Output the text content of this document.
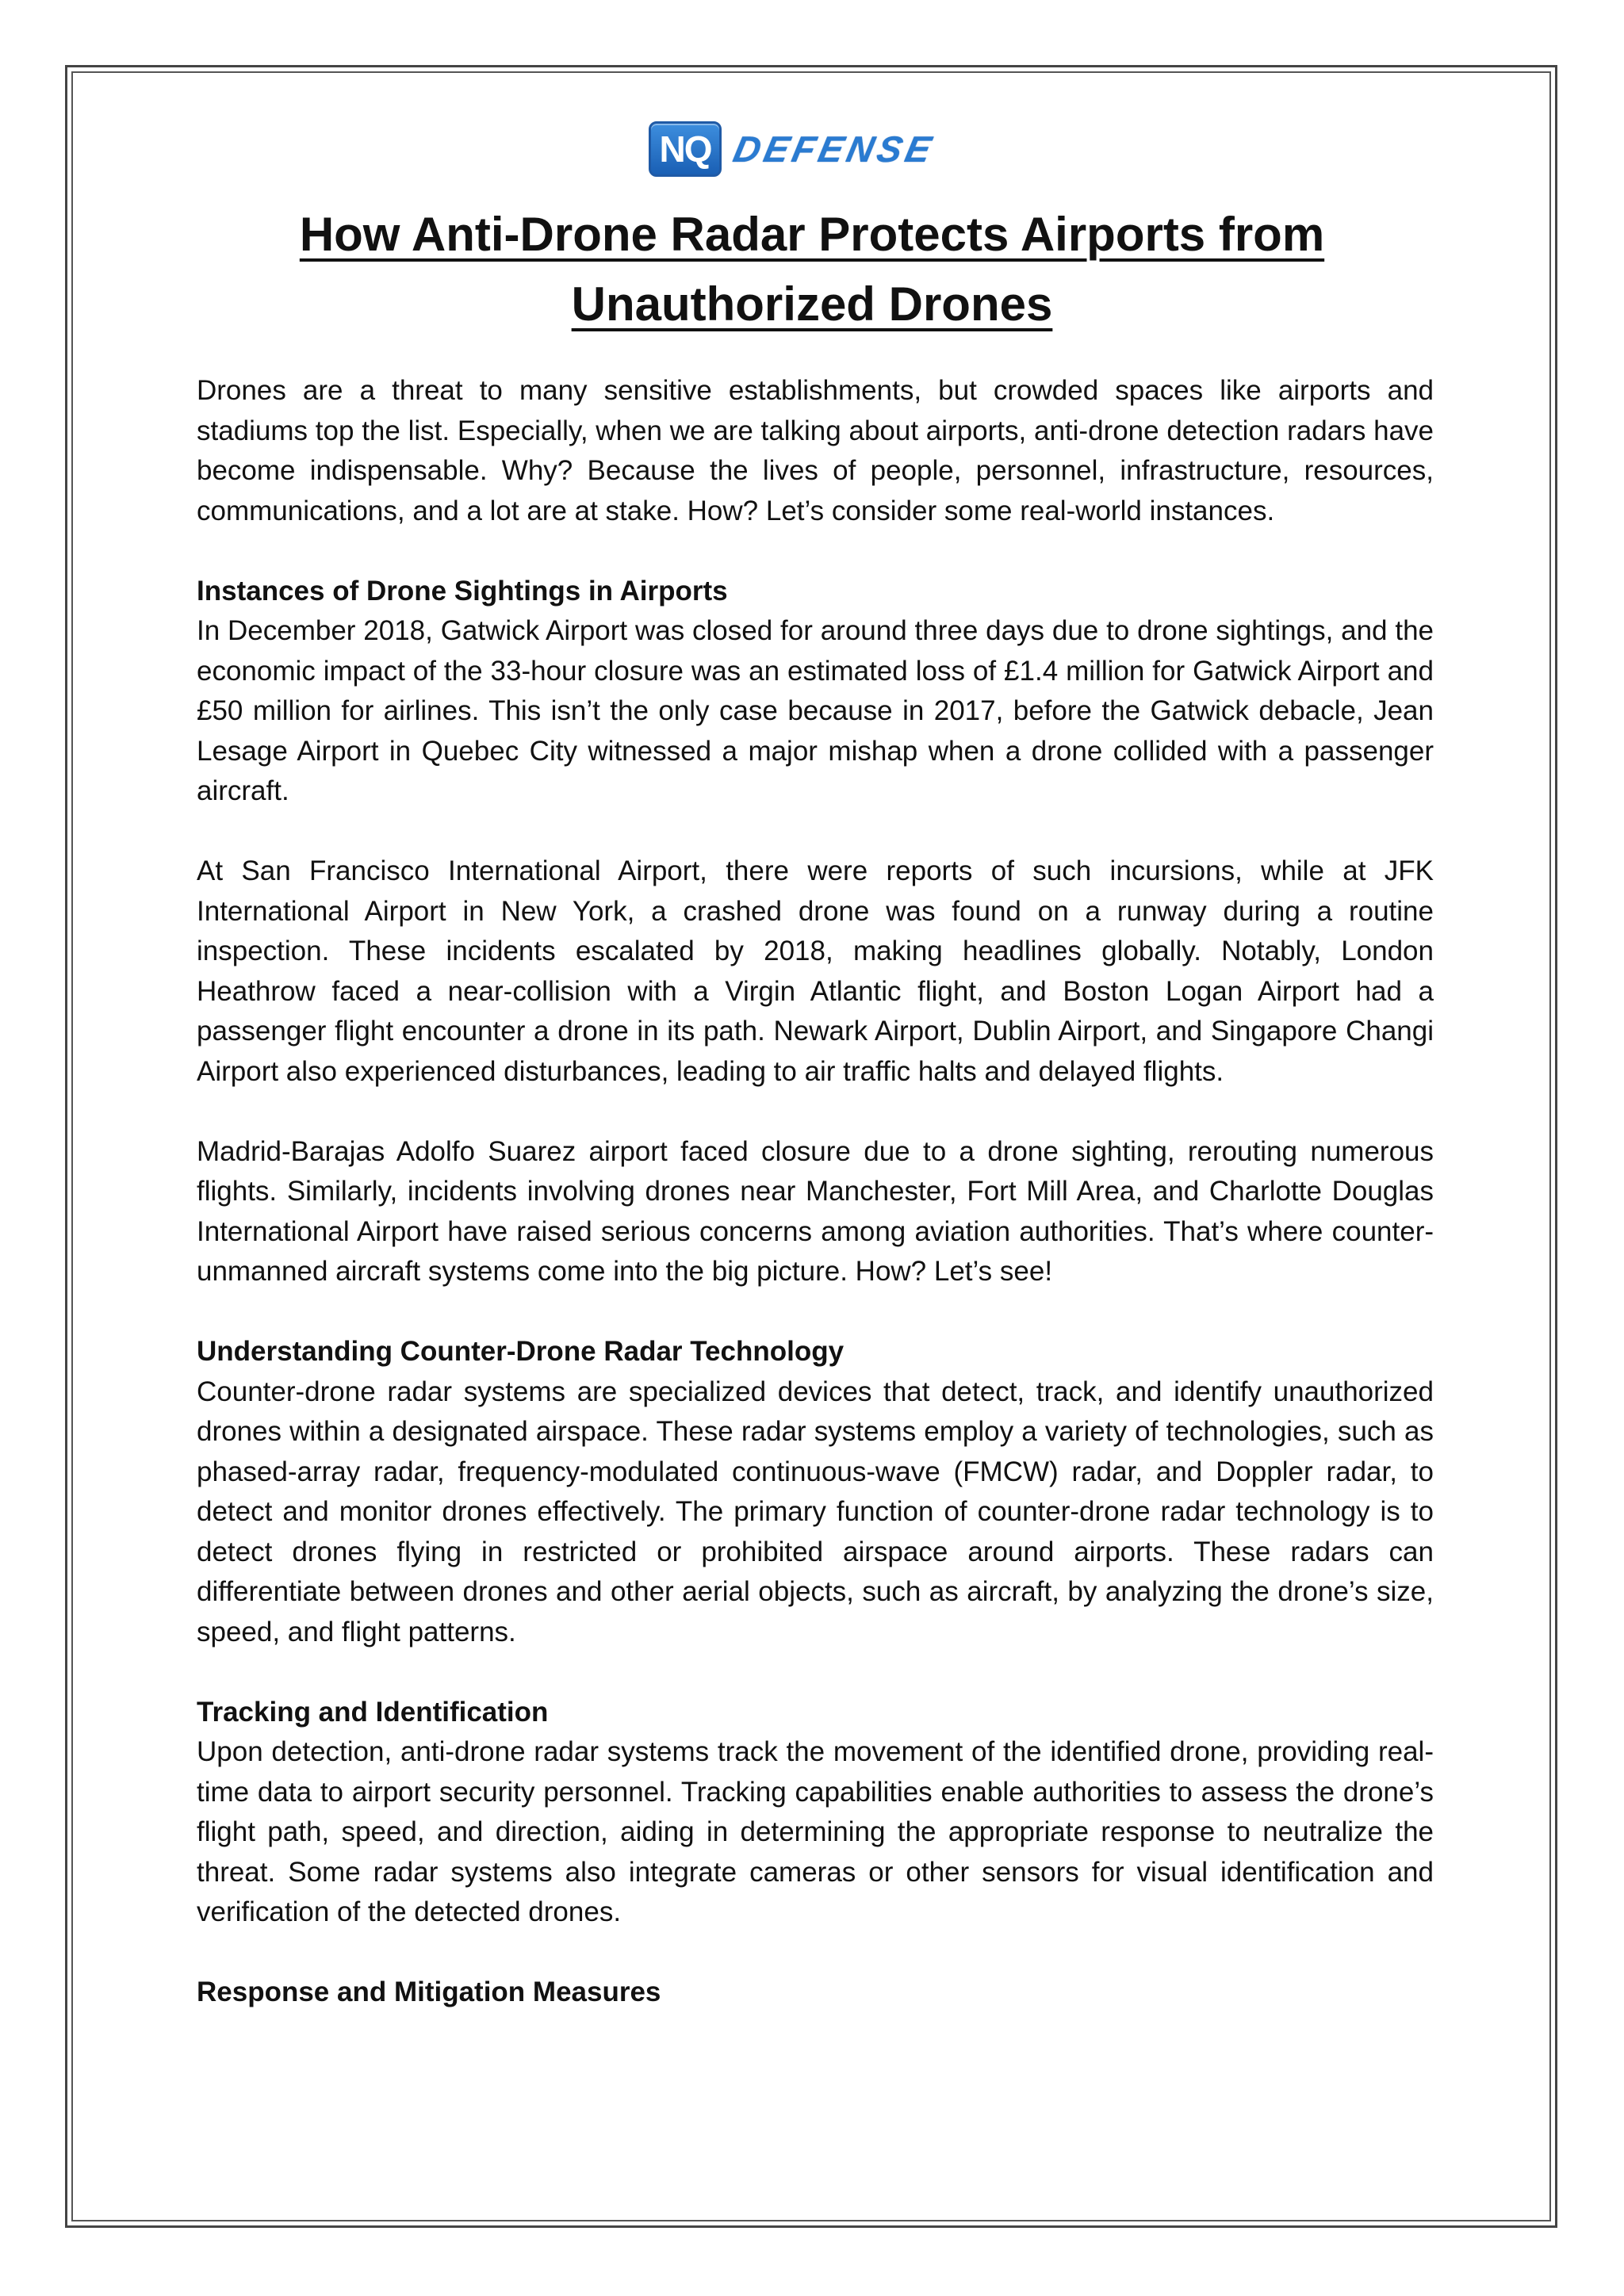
NQ DEFENSE
How Anti-Drone Radar Protects Airports from
Unauthorized Drones

Drones are a threat to many sensitive establishments, but crowded spaces like airports and stadiums top the list. Especially, when we are talking about airports, anti-drone detection radars have become indispensable. Why? Because the lives of people, personnel, infrastructure, resources, communications, and a lot are at stake. How? Let’s consider some real-world instances.

Instances of Drone Sightings in Airports

In December 2018, Gatwick Airport was closed for around three days due to drone sightings, and the economic impact of the 33-hour closure was an estimated loss of £1.4 million for Gatwick Airport and £50 million for airlines. This isn’t the only case because in 2017, before the Gatwick debacle, Jean Lesage Airport in Quebec City witnessed a major mishap when a drone collided with a passenger aircraft.

At San Francisco International Airport, there were reports of such incursions, while at JFK International Airport in New York, a crashed drone was found on a runway during a routine inspection. These incidents escalated by 2018, making headlines globally. Notably, London Heathrow faced a near-collision with a Virgin Atlantic flight, and Boston Logan Airport had a passenger flight encounter a drone in its path. Newark Airport, Dublin Airport, and Singapore Changi Airport also experienced disturbances, leading to air traffic halts and delayed flights.

Madrid-Barajas Adolfo Suarez airport faced closure due to a drone sighting, rerouting numerous flights. Similarly, incidents involving drones near Manchester, Fort Mill Area, and Charlotte Douglas International Airport have raised serious concerns among aviation authorities. That’s where counter-unmanned aircraft systems come into the big picture. How? Let’s see!

Understanding Counter-Drone Radar Technology

Counter-drone radar systems are specialized devices that detect, track, and identify unauthorized drones within a designated airspace. These radar systems employ a variety of technologies, such as phased-array radar, frequency-modulated continuous-wave (FMCW) radar, and Doppler radar, to detect and monitor drones effectively. The primary function of counter-drone radar technology is to detect drones flying in restricted or prohibited airspace around airports. These radars can differentiate between drones and other aerial objects, such as aircraft, by analyzing the drone’s size, speed, and flight patterns.

Tracking and Identification

Upon detection, anti-drone radar systems track the movement of the identified drone, providing real-time data to airport security personnel. Tracking capabilities enable authorities to assess the drone’s flight path, speed, and direction, aiding in determining the appropriate response to neutralize the threat. Some radar systems also integrate cameras or other sensors for visual identification and verification of the detected drones.

Response and Mitigation Measures
